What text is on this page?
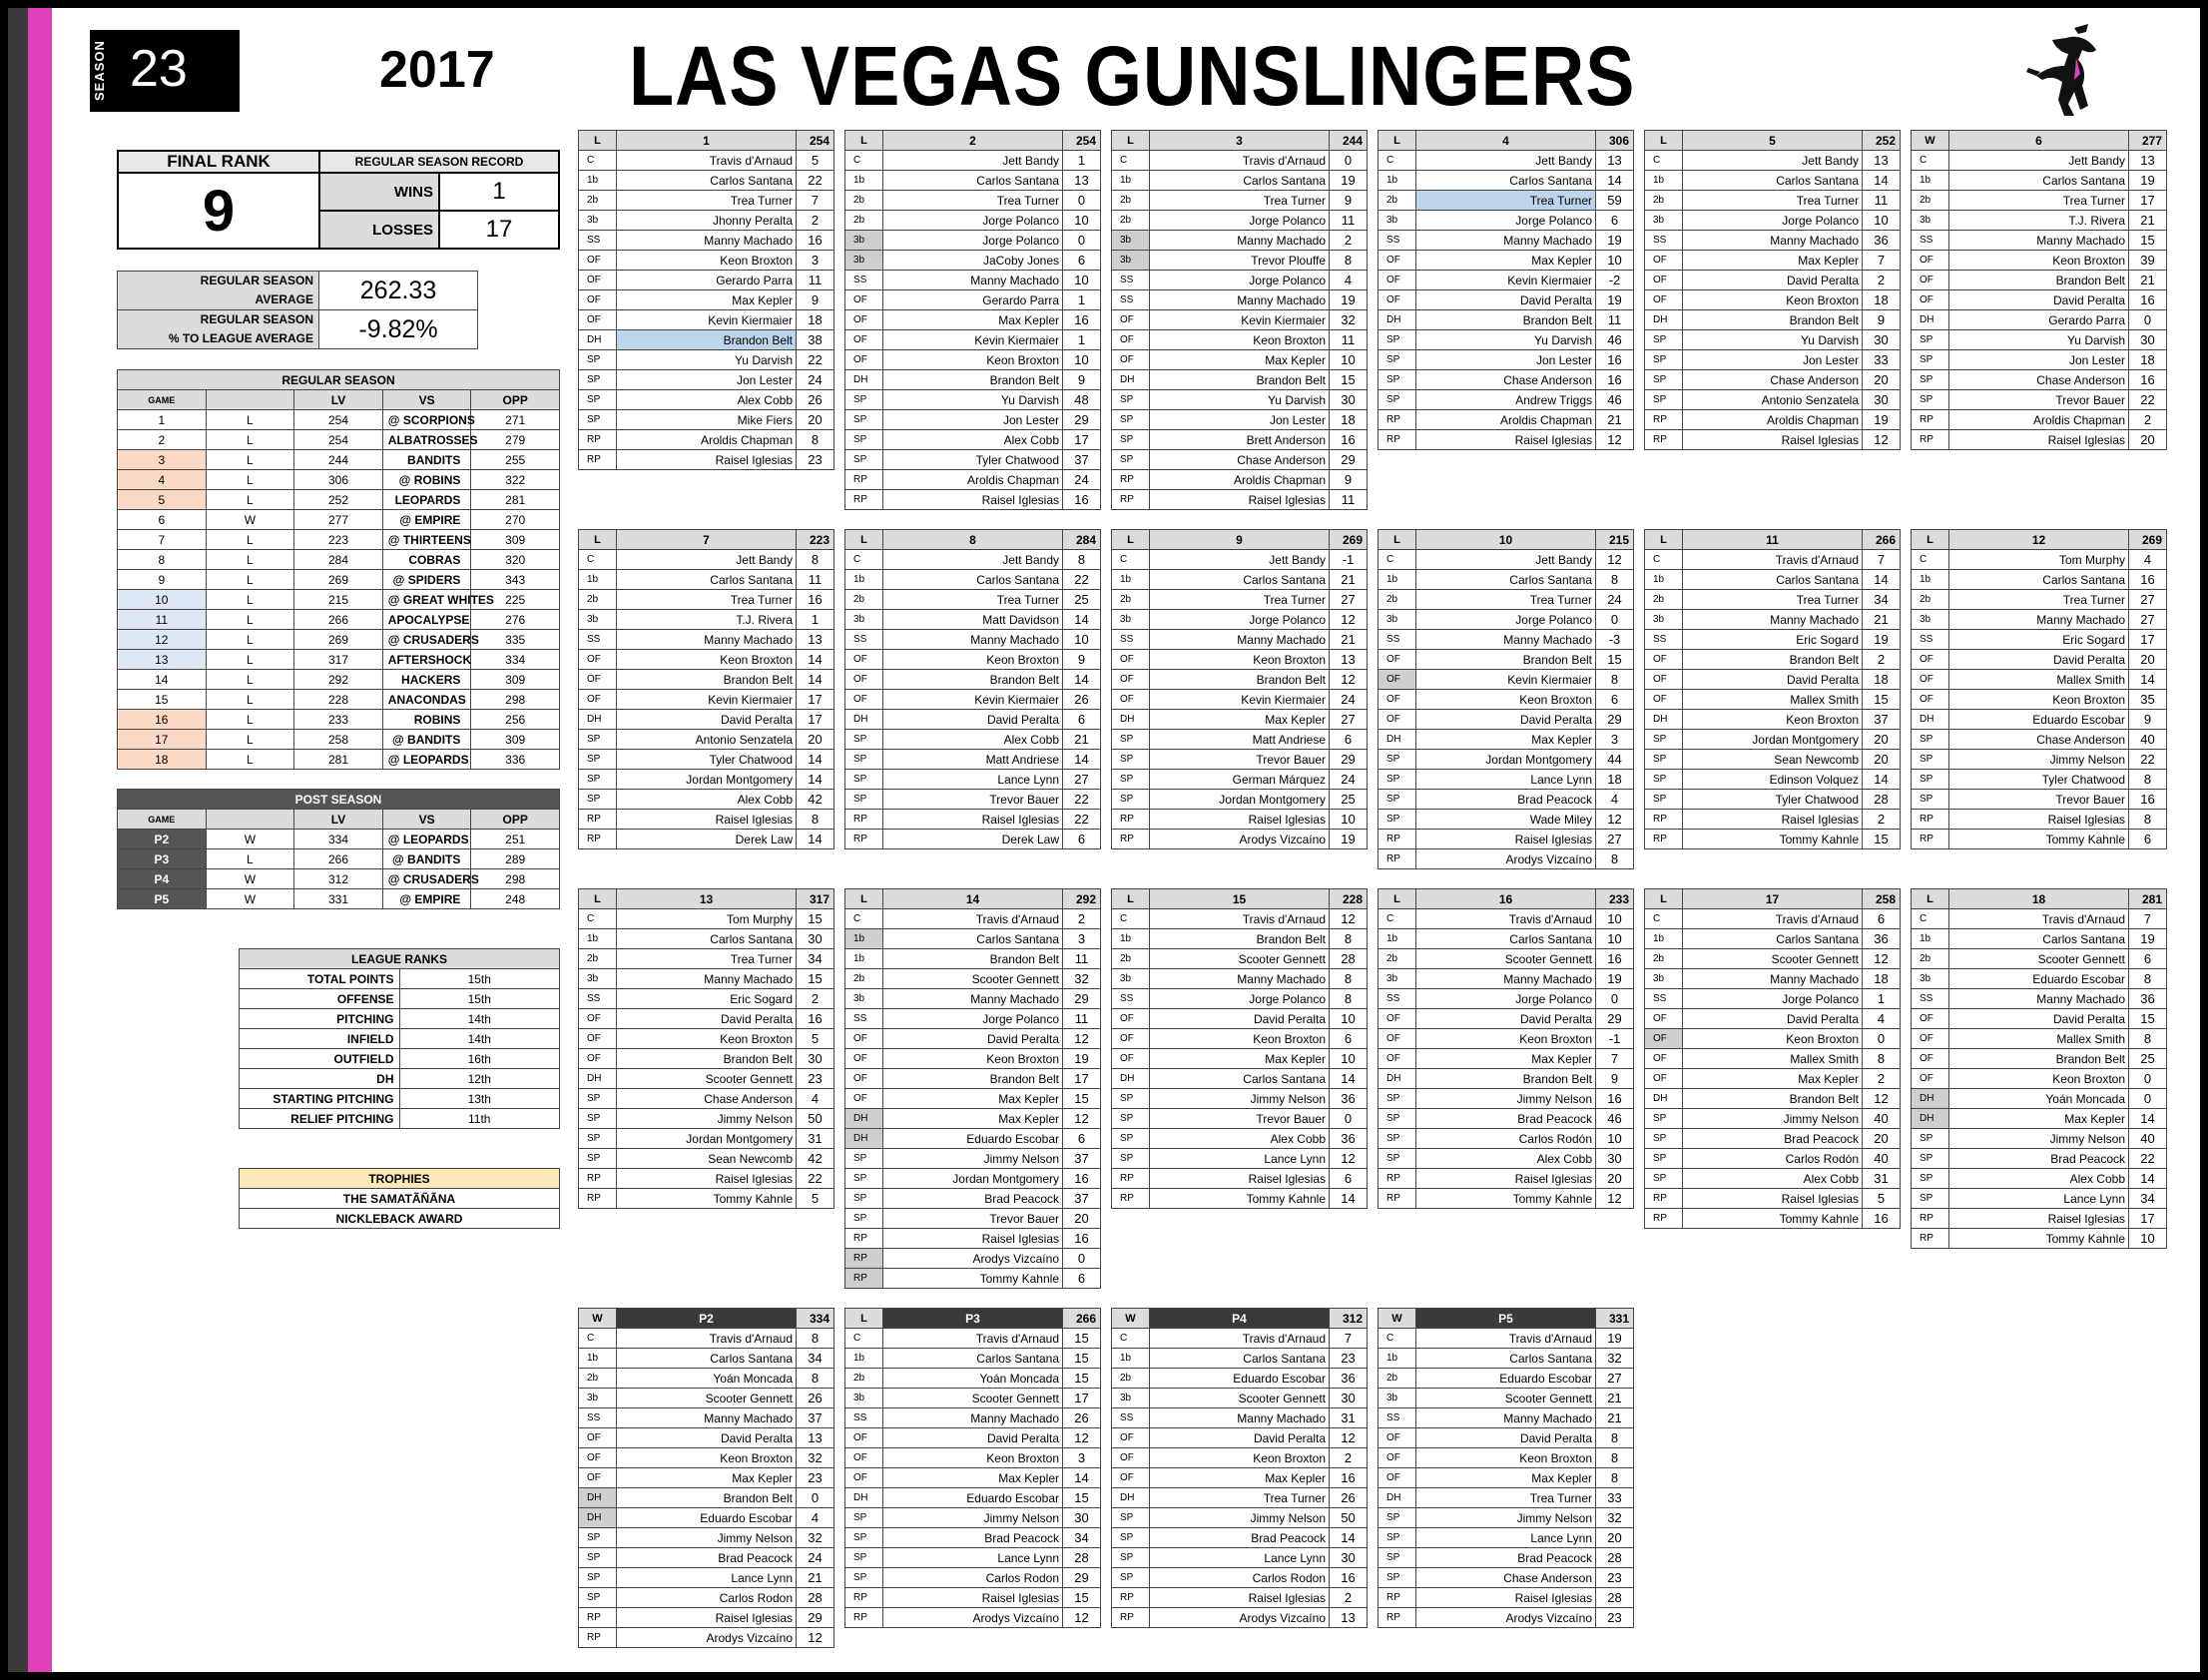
SEASON 23	2017 LAS VEGAS GUNSLINGERS
FINAL RANK	REGULAR SEASON RECORD	
9	WINS	1
	LOSSES	17
REGULAR SEASON
AVERAGE	262.33
REGULAR SEASON
% TO LEAGUE AVERAGE	-9.82%
REGULAR SEASON				
GAME		LV	VS	OPP
1	L	254	@ SCORPIONS	271
2	L	254	ALBATROSSES	279
3	L	244	BANDITS	255
4	L	306	@ ROBINS	322
5	L	252	LEOPARDS	281
6	W	277	@ EMPIRE	270
7	L	223	@ THIRTEENS	309
8	L	284	COBRAS	320
9	L	269	@ SPIDERS	343
10	L	215	@ GREAT WHITES	225
11	L	266	APOCALYPSE	276
12	L	269	@ CRUSADERS	335
13	L	317	AFTERSHOCK	334
14	L	292	HACKERS	309
15	L	228	ANACONDAS	298
16	L	233	ROBINS	256
17	L	258	@ BANDITS	309
18	L	281	@ LEOPARDS	336
POST SEASON				
GAME		LV	VS	OPP
P2	W	334	@ LEOPARDS	251
P3	L	266	@ BANDITS	289
P4	W	312	@ CRUSADERS	298
P5	W	331	@ EMPIRE	248
LEAGUE RANKS	
TOTAL POINTS	15th
OFFENSE	15th
PITCHING	14th
INFIELD	14th
OUTFIELD	16th
DH	12th
STARTING PITCHING	13th
RELIEF PITCHING	11th
TROPHIES
THE SAMATÃÑÃNA
NICKLEBACK AWARD
L	1	254
C	Travis d'Arnaud	5
1b	Carlos Santana	22
2b	Trea Turner	7
3b	Jhonny Peralta	2
SS	Manny Machado	16
OF	Keon Broxton	3
OF	Gerardo Parra	11
OF	Max Kepler	9
OF	Kevin Kiermaier	18
DH	Brandon Belt	38
SP	Yu Darvish	22
SP	Jon Lester	24
SP	Alex Cobb	26
SP	Mike Fiers	20
RP	Aroldis Chapman	8
RP	Raisel Iglesias	23
L	2	254
C	Jett Bandy	1
1b	Carlos Santana	13
2b	Trea Turner	0
2b	Jorge Polanco	10
3b	Jorge Polanco	0
3b	JaCoby Jones	6
SS	Manny Machado	10
OF	Gerardo Parra	1
OF	Max Kepler	16
OF	Kevin Kiermaier	1
OF	Keon Broxton	10
DH	Brandon Belt	9
SP	Yu Darvish	48
SP	Jon Lester	29
SP	Alex Cobb	17
SP	Tyler Chatwood	37
RP	Aroldis Chapman	24
RP	Raisel Iglesias	16
L	3	244
C	Travis d'Arnaud	0
1b	Carlos Santana	19
2b	Trea Turner	9
2b	Jorge Polanco	11
3b	Manny Machado	2
3b	Trevor Plouffe	8
SS	Jorge Polanco	4
SS	Manny Machado	19
OF	Kevin Kiermaier	32
OF	Keon Broxton	11
OF	Max Kepler	10
DH	Brandon Belt	15
SP	Yu Darvish	30
SP	Jon Lester	18
SP	Brett Anderson	16
SP	Chase Anderson	29
RP	Aroldis Chapman	9
RP	Raisel Iglesias	11
L	4	306
C	Jett Bandy	13
1b	Carlos Santana	14
2b	Trea Turner	59
3b	Jorge Polanco	6
SS	Manny Machado	19
OF	Max Kepler	10
OF	Kevin Kiermaier	-2
OF	David Peralta	19
DH	Brandon Belt	11
SP	Yu Darvish	46
SP	Jon Lester	16
SP	Chase Anderson	16
SP	Andrew Triggs	46
RP	Aroldis Chapman	21
RP	Raisel Iglesias	12
L	5	252
C	Jett Bandy	13
1b	Carlos Santana	14
2b	Trea Turner	11
3b	Jorge Polanco	10
SS	Manny Machado	36
OF	Max Kepler	7
OF	David Peralta	2
OF	Keon Broxton	18
DH	Brandon Belt	9
SP	Yu Darvish	30
SP	Jon Lester	33
SP	Chase Anderson	20
SP	Antonio Senzatela	30
RP	Aroldis Chapman	19
RP	Raisel Iglesias	12
W	6	277
C	Jett Bandy	13
1b	Carlos Santana	19
2b	Trea Turner	17
3b	T.J. Rivera	21
SS	Manny Machado	15
OF	Keon Broxton	39
OF	Brandon Belt	21
OF	David Peralta	16
DH	Gerardo Parra	0
SP	Yu Darvish	30
SP	Jon Lester	18
SP	Chase Anderson	16
SP	Trevor Bauer	22
RP	Aroldis Chapman	2
RP	Raisel Iglesias	20
L	7	223
C	Jett Bandy	8
1b	Carlos Santana	11
2b	Trea Turner	16
3b	T.J. Rivera	1
SS	Manny Machado	13
OF	Keon Broxton	14
OF	Brandon Belt	14
OF	Kevin Kiermaier	17
DH	David Peralta	17
SP	Antonio Senzatela	20
SP	Tyler Chatwood	14
SP	Jordan Montgomery	14
SP	Alex Cobb	42
RP	Raisel Iglesias	8
RP	Derek Law	14
L	8	284
C	Jett Bandy	8
1b	Carlos Santana	22
2b	Trea Turner	25
3b	Matt Davidson	14
SS	Manny Machado	10
OF	Keon Broxton	9
OF	Brandon Belt	14
OF	Kevin Kiermaier	26
DH	David Peralta	6
SP	Alex Cobb	21
SP	Matt Andriese	14
SP	Lance Lynn	27
SP	Trevor Bauer	22
RP	Raisel Iglesias	22
RP	Derek Law	6
L	9	269
C	Jett Bandy	-1
1b	Carlos Santana	21
2b	Trea Turner	27
3b	Jorge Polanco	12
SS	Manny Machado	21
OF	Keon Broxton	13
OF	Brandon Belt	12
OF	Kevin Kiermaier	24
DH	Max Kepler	27
SP	Matt Andriese	6
SP	Trevor Bauer	29
SP	German Márquez	24
SP	Jordan Montgomery	25
RP	Raisel Iglesias	10
RP	Arodys Vizcaíno	19
L	10	215
C	Jett Bandy	12
1b	Carlos Santana	8
2b	Trea Turner	24
3b	Jorge Polanco	0
SS	Manny Machado	-3
OF	Brandon Belt	15
OF	Kevin Kiermaier	8
OF	Keon Broxton	6
OF	David Peralta	29
DH	Max Kepler	3
SP	Jordan Montgomery	44
SP	Lance Lynn	18
SP	Brad Peacock	4
SP	Wade Miley	12
RP	Raisel Iglesias	27
RP	Arodys Vizcaíno	8
L	11	266
C	Travis d'Arnaud	7
1b	Carlos Santana	14
2b	Trea Turner	34
3b	Manny Machado	21
SS	Eric Sogard	19
OF	Brandon Belt	2
OF	David Peralta	18
OF	Mallex Smith	15
DH	Keon Broxton	37
SP	Jordan Montgomery	20
SP	Sean Newcomb	20
SP	Edinson Volquez	14
SP	Tyler Chatwood	28
RP	Raisel Iglesias	2
RP	Tommy Kahnle	15
L	12	269
C	Tom Murphy	4
1b	Carlos Santana	16
2b	Trea Turner	27
3b	Manny Machado	27
SS	Eric Sogard	17
OF	David Peralta	20
OF	Mallex Smith	14
OF	Keon Broxton	35
DH	Eduardo Escobar	9
SP	Chase Anderson	40
SP	Jimmy Nelson	22
SP	Tyler Chatwood	8
SP	Trevor Bauer	16
RP	Raisel Iglesias	8
RP	Tommy Kahnle	6
L	13	317
C	Tom Murphy	15
1b	Carlos Santana	30
2b	Trea Turner	34
3b	Manny Machado	15
SS	Eric Sogard	2
OF	David Peralta	16
OF	Keon Broxton	5
OF	Brandon Belt	30
DH	Scooter Gennett	23
SP	Chase Anderson	4
SP	Jimmy Nelson	50
SP	Jordan Montgomery	31
SP	Sean Newcomb	42
RP	Raisel Iglesias	22
RP	Tommy Kahnle	5
L	14	292
C	Travis d'Arnaud	2
1b	Carlos Santana	3
1b	Brandon Belt	11
2b	Scooter Gennett	32
3b	Manny Machado	29
SS	Jorge Polanco	11
OF	David Peralta	12
OF	Keon Broxton	19
OF	Brandon Belt	17
OF	Max Kepler	15
DH	Max Kepler	12
DH	Eduardo Escobar	6
SP	Jimmy Nelson	37
SP	Jordan Montgomery	16
SP	Brad Peacock	37
SP	Trevor Bauer	20
RP	Raisel Iglesias	16
RP	Arodys Vizcaíno	0
RP	Tommy Kahnle	6
L	15	228
C	Travis d'Arnaud	12
1b	Brandon Belt	8
2b	Scooter Gennett	28
3b	Manny Machado	8
SS	Jorge Polanco	8
OF	David Peralta	10
OF	Keon Broxton	6
OF	Max Kepler	10
DH	Carlos Santana	14
SP	Jimmy Nelson	36
SP	Trevor Bauer	0
SP	Alex Cobb	36
SP	Lance Lynn	12
RP	Raisel Iglesias	6
RP	Tommy Kahnle	14
L	16	233
C	Travis d'Arnaud	10
1b	Carlos Santana	10
2b	Scooter Gennett	16
3b	Manny Machado	19
SS	Jorge Polanco	0
OF	David Peralta	29
OF	Keon Broxton	-1
OF	Max Kepler	7
DH	Brandon Belt	9
SP	Jimmy Nelson	16
SP	Brad Peacock	46
SP	Carlos Rodón	10
SP	Alex Cobb	30
RP	Raisel Iglesias	20
RP	Tommy Kahnle	12
L	17	258
C	Travis d'Arnaud	6
1b	Carlos Santana	36
2b	Scooter Gennett	12
3b	Manny Machado	18
SS	Jorge Polanco	1
OF	David Peralta	4
OF	Keon Broxton	0
OF	Mallex Smith	8
OF	Max Kepler	2
DH	Brandon Belt	12
SP	Jimmy Nelson	40
SP	Brad Peacock	20
SP	Carlos Rodón	40
SP	Alex Cobb	31
RP	Raisel Iglesias	5
RP	Tommy Kahnle	16
L	18	281
C	Travis d'Arnaud	7
1b	Carlos Santana	19
2b	Scooter Gennett	6
3b	Eduardo Escobar	8
SS	Manny Machado	36
OF	David Peralta	15
OF	Mallex Smith	8
OF	Brandon Belt	25
OF	Keon Broxton	0
DH	Yoán Moncada	0
DH	Max Kepler	14
SP	Jimmy Nelson	40
SP	Brad Peacock	22
SP	Alex Cobb	14
SP	Lance Lynn	34
RP	Raisel Iglesias	17
RP	Tommy Kahnle	10
W	P2	334
C	Travis d'Arnaud	8
1b	Carlos Santana	34
2b	Yoán Moncada	8
3b	Scooter Gennett	26
SS	Manny Machado	37
OF	David Peralta	13
OF	Keon Broxton	32
OF	Max Kepler	23
DH	Brandon Belt	0
DH	Eduardo Escobar	4
SP	Jimmy Nelson	32
SP	Brad Peacock	24
SP	Lance Lynn	21
SP	Carlos Rodon	28
RP	Raisel Iglesias	29
RP	Arodys Vizcaíno	12
L	P3	266
C	Travis d'Arnaud	15
1b	Carlos Santana	15
2b	Yoán Moncada	15
3b	Scooter Gennett	17
SS	Manny Machado	26
OF	David Peralta	12
OF	Keon Broxton	3
OF	Max Kepler	14
DH	Eduardo Escobar	15
SP	Jimmy Nelson	30
SP	Brad Peacock	34
SP	Lance Lynn	28
SP	Carlos Rodon	29
RP	Raisel Iglesias	15
RP	Arodys Vizcaíno	12
W	P4	312
C	Travis d'Arnaud	7
1b	Carlos Santana	23
2b	Eduardo Escobar	36
3b	Scooter Gennett	30
SS	Manny Machado	31
OF	David Peralta	12
OF	Keon Broxton	2
OF	Max Kepler	16
DH	Trea Turner	26
SP	Jimmy Nelson	50
SP	Brad Peacock	14
SP	Lance Lynn	30
SP	Carlos Rodon	16
RP	Raisel Iglesias	2
RP	Arodys Vizcaíno	13
W	P5	331
C	Travis d'Arnaud	19
1b	Carlos Santana	32
2b	Eduardo Escobar	27
3b	Scooter Gennett	21
SS	Manny Machado	21
OF	David Peralta	8
OF	Keon Broxton	8
OF	Max Kepler	8
DH	Trea Turner	33
SP	Jimmy Nelson	32
SP	Lance Lynn	20
SP	Brad Peacock	28
SP	Chase Anderson	23
RP	Raisel Iglesias	28
RP	Arodys Vizcaíno	23
